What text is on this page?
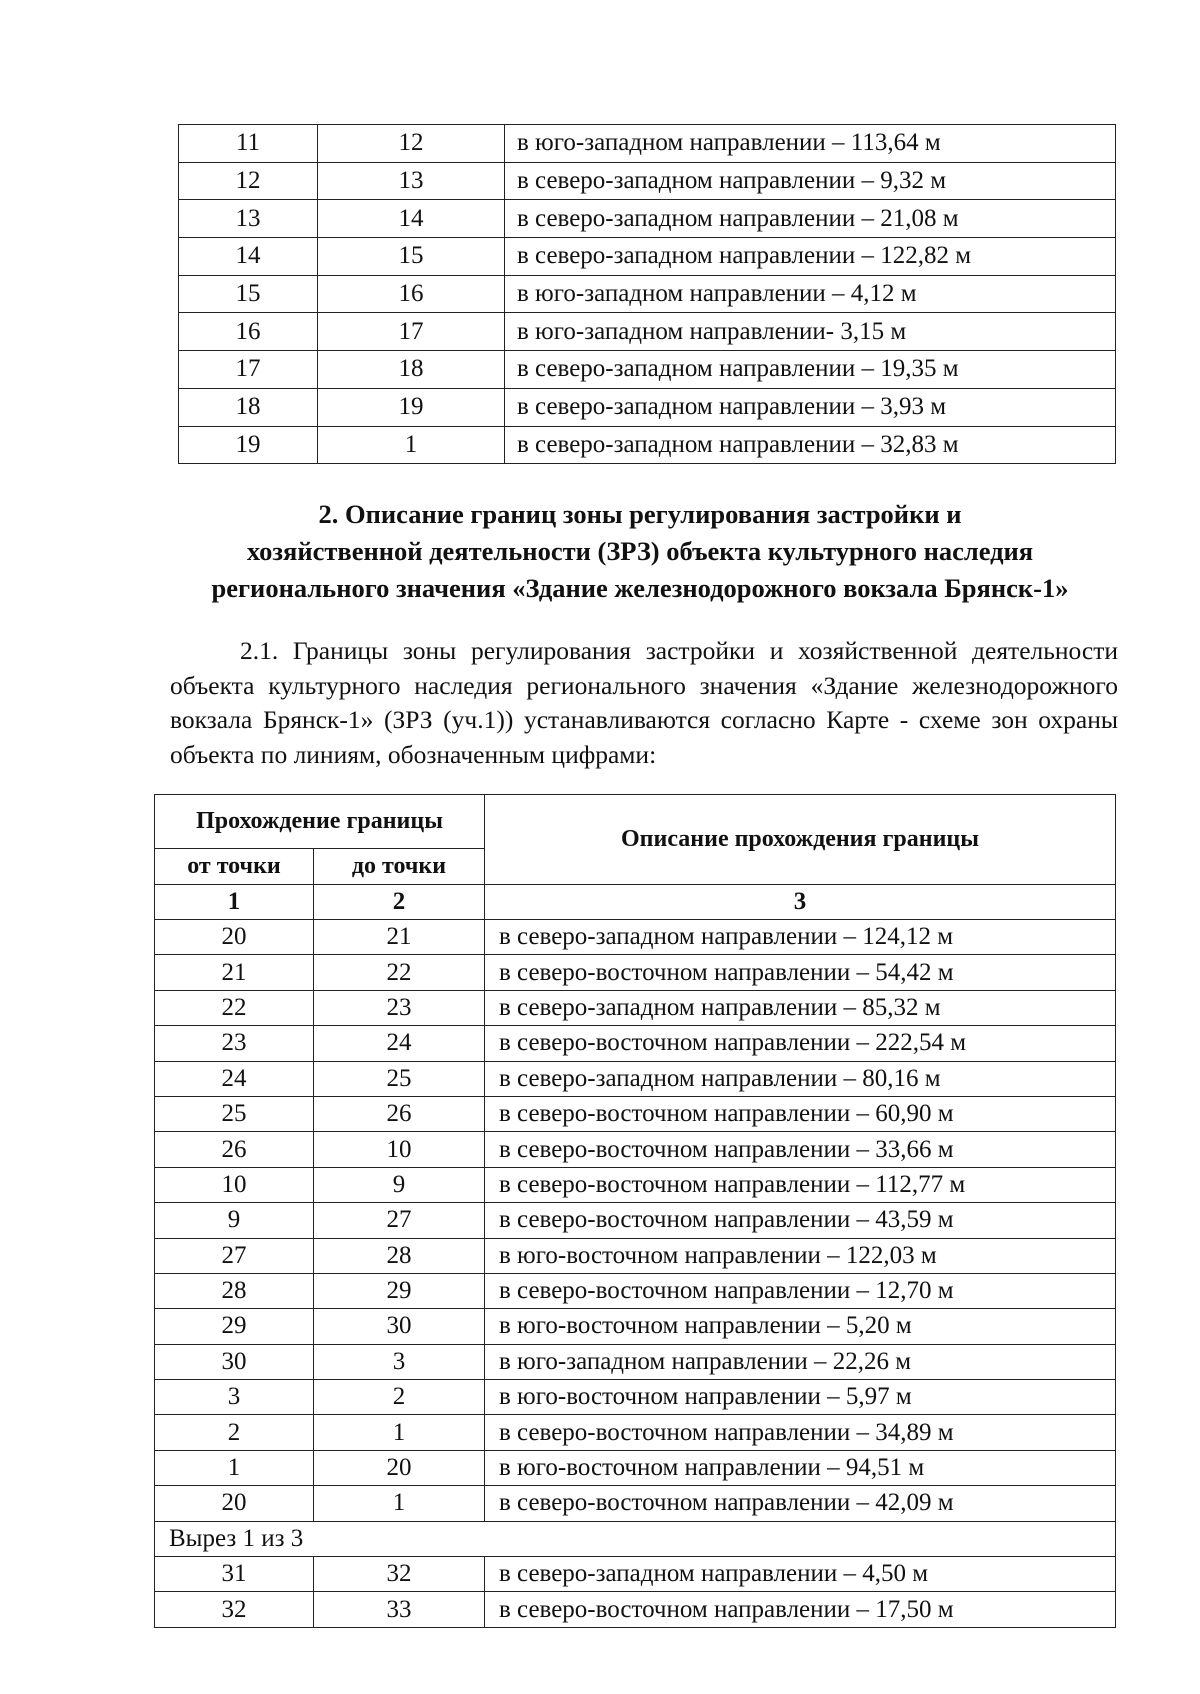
11	12	в юго-западном направлении – 113,64 м
12	13	в северо-западном направлении – 9,32 м
13	14	в северо-западном направлении – 21,08 м
14	15	в северо-западном направлении – 122,82 м
15	16	в юго-западном направлении – 4,12 м
16	17	в юго-западном направлении- 3,15 м
17	18	в северо-западном направлении – 19,35 м
18	19	в северо-западном направлении – 3,93 м
19	1	в северо-западном направлении – 32,83 м
2. Описание границ зоны регулирования застройки и
хозяйственной деятельности (ЗРЗ) объекта культурного наследия
регионального значения «Здание железнодорожного вокзала Брянск-1»

2.1. Границы зоны регулирования застройки и хозяйственной деятельности объекта культурного наследия регионального значения «Здание железнодорожного вокзала Брянск-1» (ЗРЗ (уч.1)) устанавливаются согласно Карте - схеме зон охраны объекта по линиям, обозначенным цифрами:

Прохождение границы		Описание прохождения границы
от точки	до точки	
1	2	3
20	21	в северо-западном направлении – 124,12 м
21	22	в северо-восточном направлении – 54,42 м
22	23	в северо-западном направлении – 85,32 м
23	24	в северо-восточном направлении – 222,54 м
24	25	в северо-западном направлении – 80,16 м
25	26	в северо-восточном направлении – 60,90 м
26	10	в северо-восточном направлении – 33,66 м
10	9	в северо-восточном направлении – 112,77 м
9	27	в северо-восточном направлении – 43,59 м
27	28	в юго-восточном направлении – 122,03 м
28	29	в северо-восточном направлении – 12,70 м
29	30	в юго-восточном направлении – 5,20 м
30	3	в юго-западном направлении – 22,26 м
3	2	в юго-восточном направлении – 5,97 м
2	1	в северо-восточном направлении – 34,89 м
1	20	в юго-восточном направлении – 94,51 м
20	1	в северо-восточном направлении – 42,09 м
Вырез 1 из 3		
31	32	в северо-западном направлении – 4,50 м
32	33	в северо-восточном направлении – 17,50 м
